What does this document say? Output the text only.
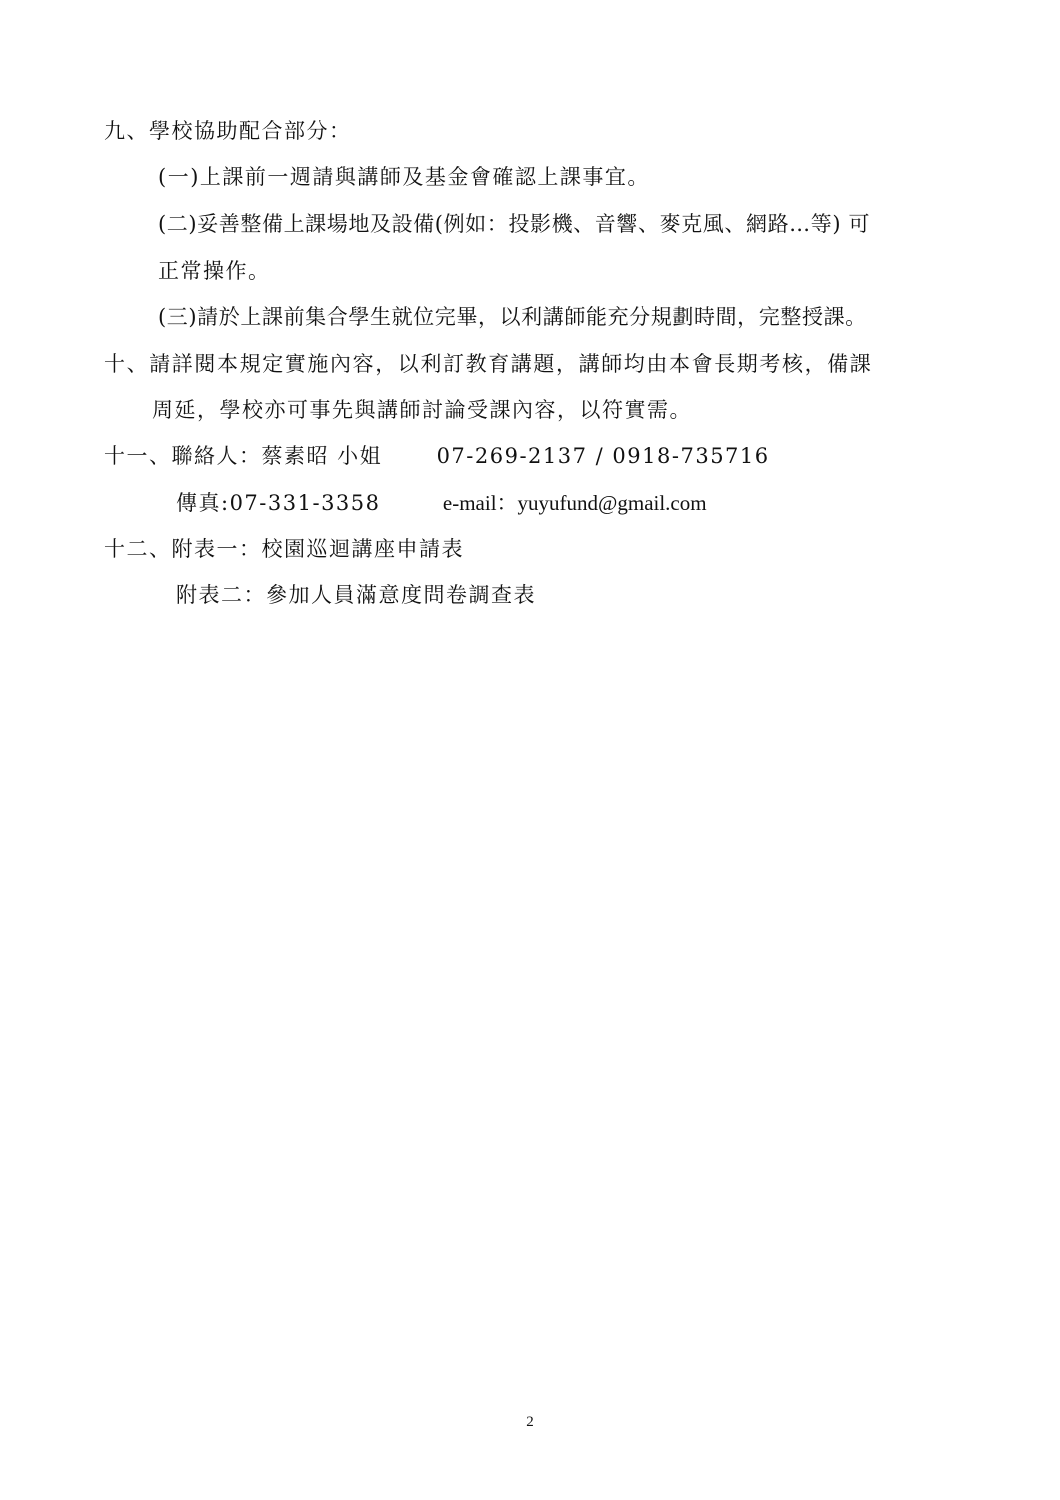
九、學校協助配合部分：
(一)上課前一週請與講師及基金會確認上課事宜。
(二)妥善整備上課場地及設備(例如：投影機、音響、麥克風、網路…等) 可
正常操作。
(三)請於上課前集合學生就位完畢，以利講師能充分規劃時間，完整授課。
十、請詳閱本規定實施內容，以利訂教育講題，講師均由本會長期考核，備課
周延，學校亦可事先與講師討論受課內容，以符實需。
十一、聯絡人：蔡素昭 小姐	07-269-2137 / 0918-735716
傳真:07-331-3358	e-mail：yuyufund@gmail.com
十二、附表一：校園巡迴講座申請表
附表二：參加人員滿意度問卷調查表
2
